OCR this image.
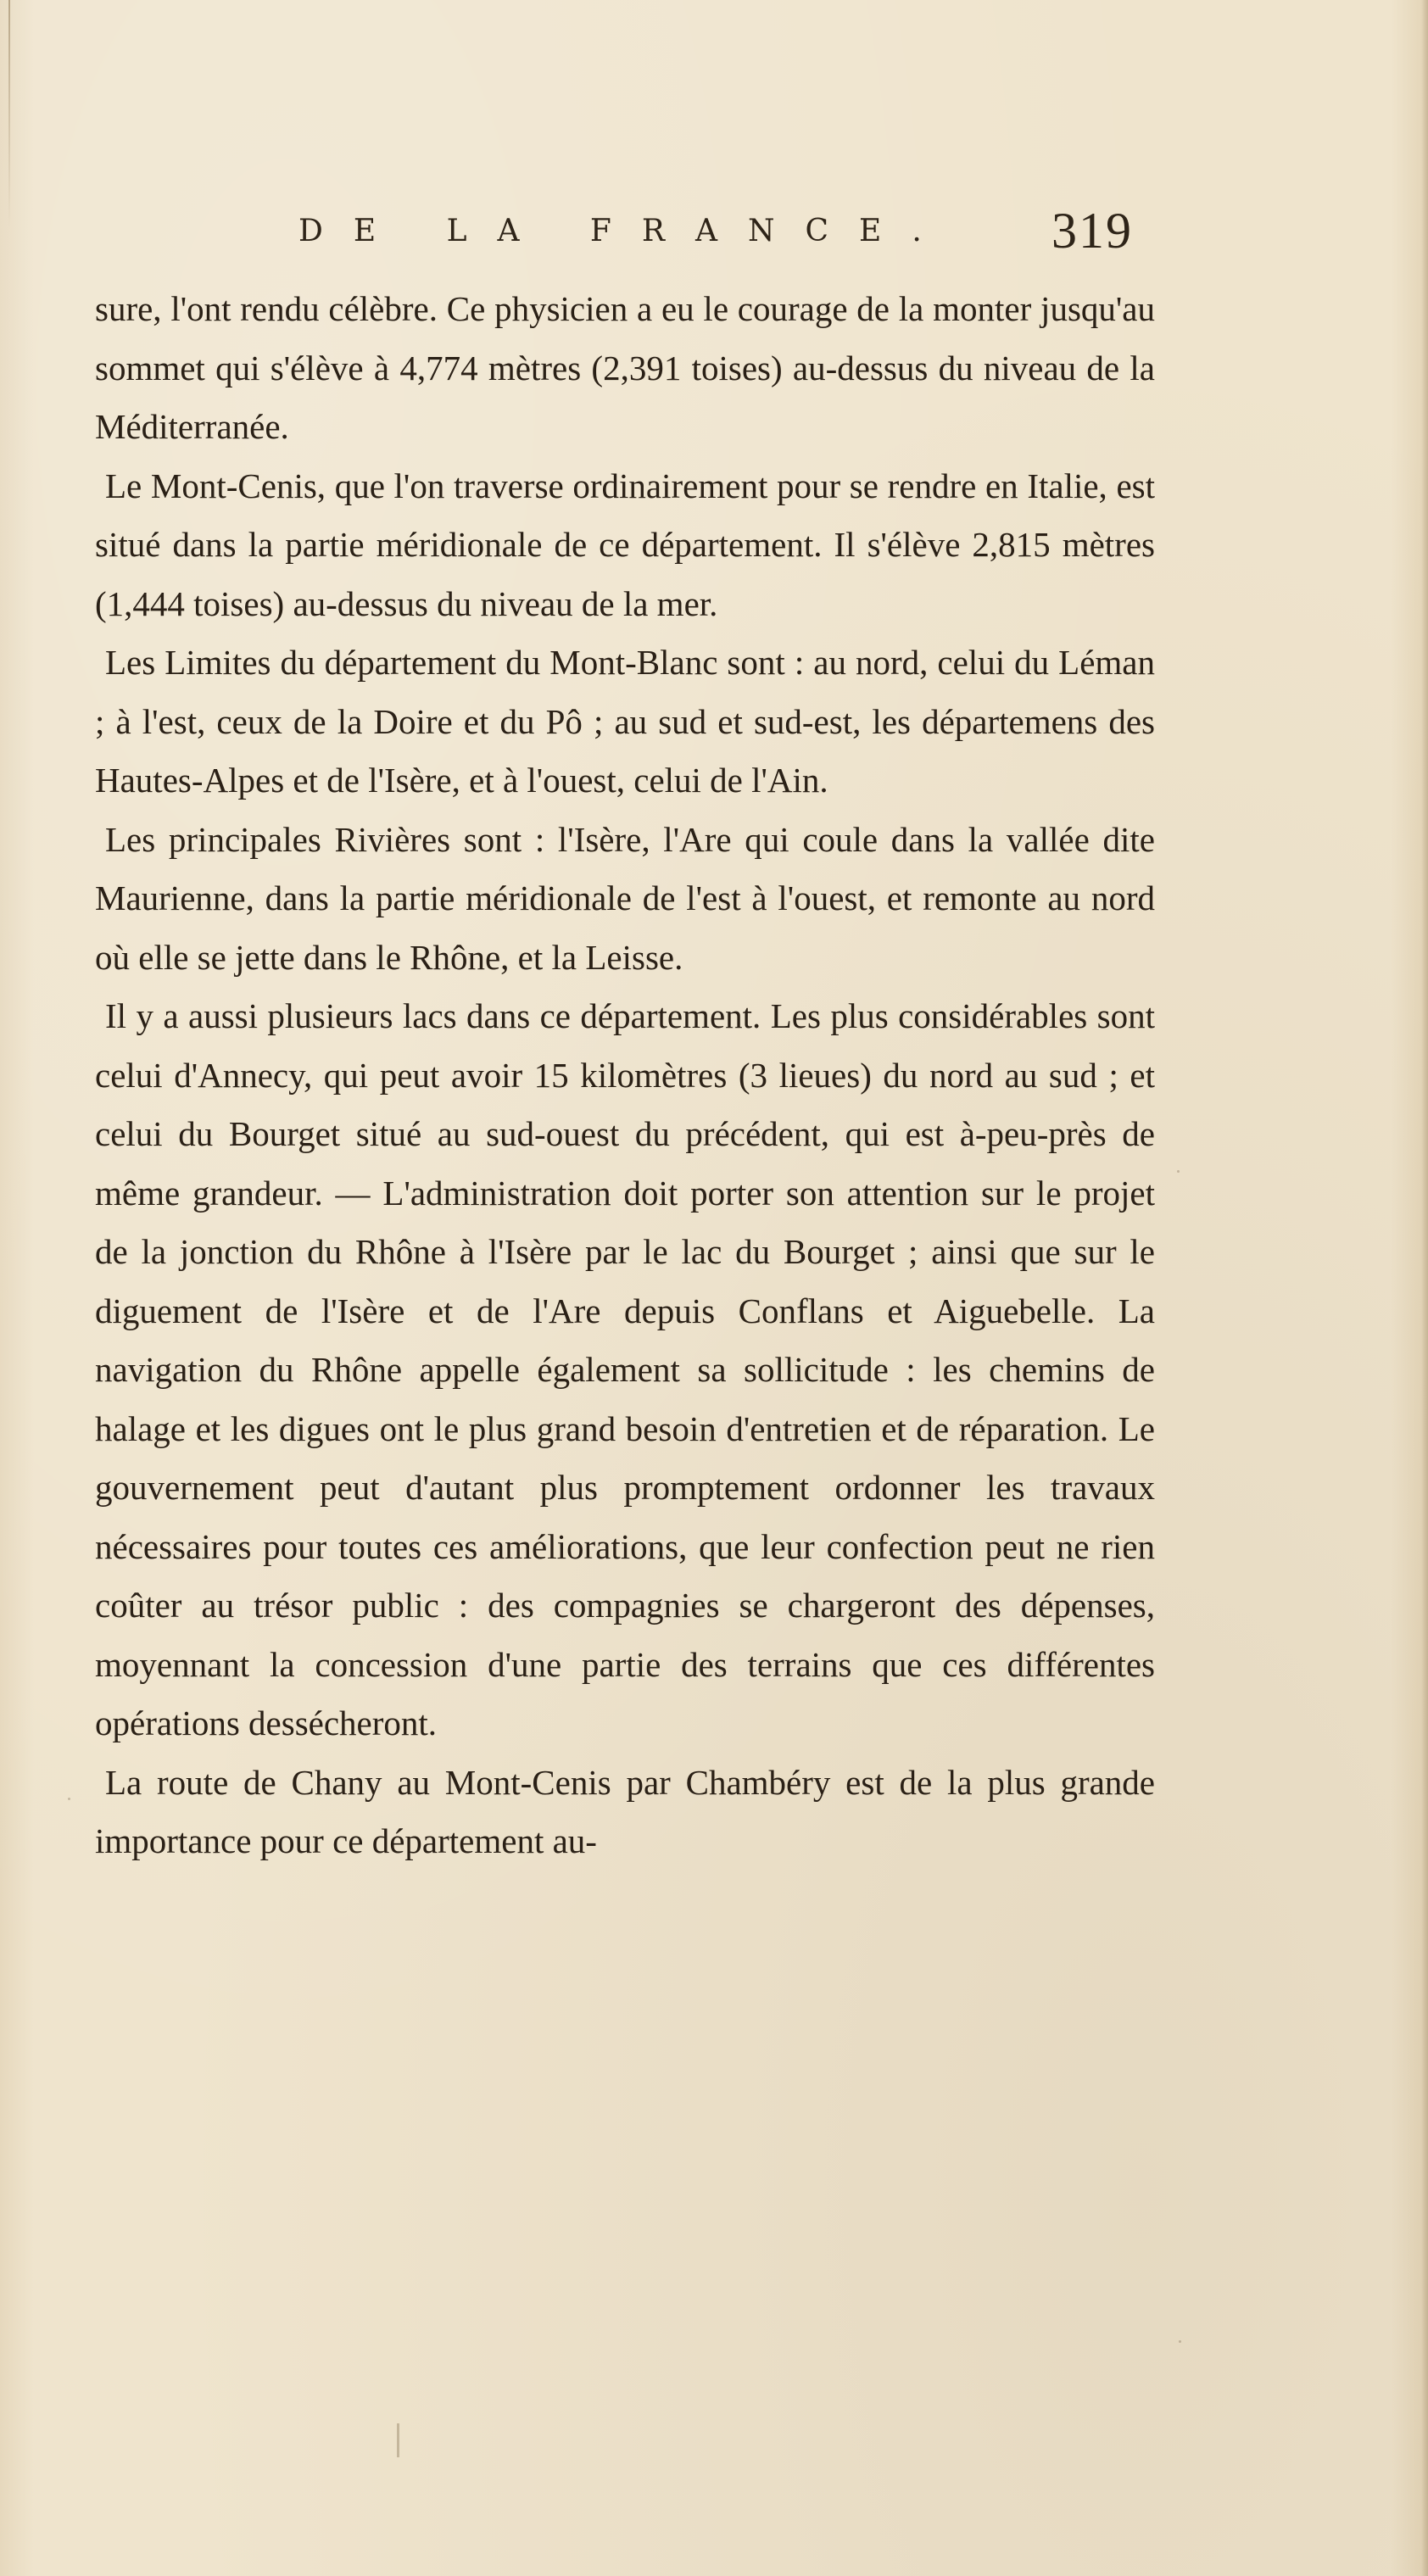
DE LA FRANCE. 319

sure, l'ont rendu célèbre. Ce physicien a eu le courage de la monter jusqu'au sommet qui s'élève à 4,774 mètres (2,391 toises) au-dessus du niveau de la Méditerranée.

Le Mont-Cenis, que l'on traverse ordinairement pour se rendre en Italie, est situé dans la partie méridionale de ce département. Il s'élève 2,815 mètres (1,444 toises) au-dessus du niveau de la mer.

Les Limites du département du Mont-Blanc sont : au nord, celui du Léman ; à l'est, ceux de la Doire et du Pô ; au sud et sud-est, les départemens des Hautes-Alpes et de l'Isère, et à l'ouest, celui de l'Ain.

Les principales Rivières sont : l'Isère, l'Are qui coule dans la vallée dite Maurienne, dans la partie méridionale de l'est à l'ouest, et remonte au nord où elle se jette dans le Rhône, et la Leisse.

Il y a aussi plusieurs lacs dans ce département. Les plus considérables sont celui d'Annecy, qui peut avoir 15 kilomètres (3 lieues) du nord au sud ; et celui du Bourget situé au sud-ouest du précédent, qui est à-peu-près de même grandeur. — L'administration doit porter son attention sur le projet de la jonction du Rhône à l'Isère par le lac du Bourget ; ainsi que sur le diguement de l'Isère et de l'Are depuis Conflans et Aiguebelle. La navigation du Rhône appelle également sa sollicitude : les chemins de halage et les digues ont le plus grand besoin d'entretien et de réparation. Le gouvernement peut d'autant plus promptement ordonner les travaux nécessaires pour toutes ces améliorations, que leur confection peut ne rien coûter au trésor public : des compagnies se chargeront des dépenses, moyennant la concession d'une partie des terrains que ces différentes opérations dessécheront.

La route de Chany au Mont-Cenis par Chambéry est de la plus grande importance pour ce département au-
